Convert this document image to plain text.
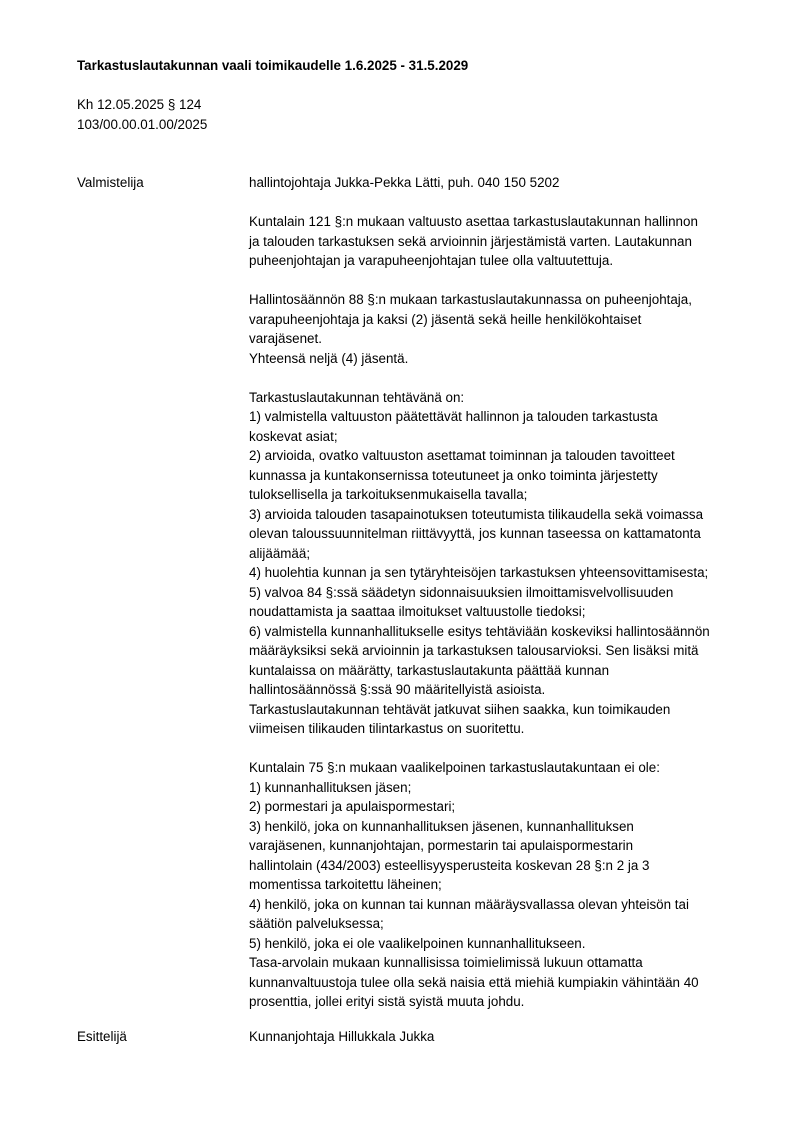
Tarkastuslautakunnan vaali toimikaudelle 1.6.2025 - 31.5.2029
Kh 12.05.2025 § 124
103/00.00.01.00/2025
Valmistelija	hallintojohtaja Jukka-Pekka Lätti, puh. 040 150 5202
Kuntalain 121 §:n mukaan valtuusto asettaa tarkastuslautakunnan hallinnon
ja talouden tarkastuksen sekä arvioinnin järjestämistä varten. Lautakunnan
puheenjohtajan ja varapuheenjohtajan tulee olla valtuutettuja.
Hallintosäännön 88 §:n mukaan tarkastuslautakunnassa on puheenjohtaja,
varapuheenjohtaja ja kaksi (2) jäsentä sekä heille henkilökohtaiset
varajäsenet.
Yhteensä neljä (4) jäsentä.
Tarkastuslautakunnan tehtävänä on:
1) valmistella valtuuston päätettävät hallinnon ja talouden tarkastusta
koskevat asiat;
2) arvioida, ovatko valtuuston asettamat toiminnan ja talouden tavoitteet
kunnassa ja kuntakonsernissa toteutuneet ja onko toiminta järjestetty
tuloksellisella ja tarkoituksenmukaisella tavalla;
3) arvioida talouden tasapainotuksen toteutumista tilikaudella sekä voimassa
olevan taloussuunnitelman riittävyyttä, jos kunnan taseessa on kattamatonta
alijäämää;
4) huolehtia kunnan ja sen tytäryhteisöjen tarkastuksen yhteensovittamisesta;
5) valvoa 84 §:ssä säädetyn sidonnaisuuksien ilmoittamisvelvollisuuden
noudattamista ja saattaa ilmoitukset valtuustolle tiedoksi;
6) valmistella kunnanhallitukselle esitys tehtäviään koskeviksi hallintosäännön
määräyksiksi sekä arvioinnin ja tarkastuksen talousarvioksi. Sen lisäksi mitä
kuntalaissa on määrätty, tarkastuslautakunta päättää kunnan
hallintosäännössä §:ssä 90 määritellyistä asioista.
Tarkastuslautakunnan tehtävät jatkuvat siihen saakka, kun toimikauden
viimeisen tilikauden tilintarkastus on suoritettu.
Kuntalain 75 §:n mukaan vaalikelpoinen tarkastuslautakuntaan ei ole:
1) kunnanhallituksen jäsen;
2) pormestari ja apulaispormestari;
3) henkilö, joka on kunnanhallituksen jäsenen, kunnanhallituksen
varajäsenen, kunnanjohtajan, pormestarin tai apulaispormestarin
hallintolain (434/2003) esteellisyysperusteita koskevan 28 §:n 2 ja 3
momentissa tarkoitettu läheinen;
4) henkilö, joka on kunnan tai kunnan määräysvallassa olevan yhteisön tai
säätiön palveluksessa;
5) henkilö, joka ei ole vaalikelpoinen kunnanhallitukseen.
Tasa-arvolain mukaan kunnallisissa toimielimissä lukuun ottamatta
kunnanvaltuustoja tulee olla sekä naisia että miehiä kumpiakin vähintään 40
prosenttia, jollei erityi sistä syistä muuta johdu.
Esittelijä	Kunnanjohtaja Hillukkala Jukka
